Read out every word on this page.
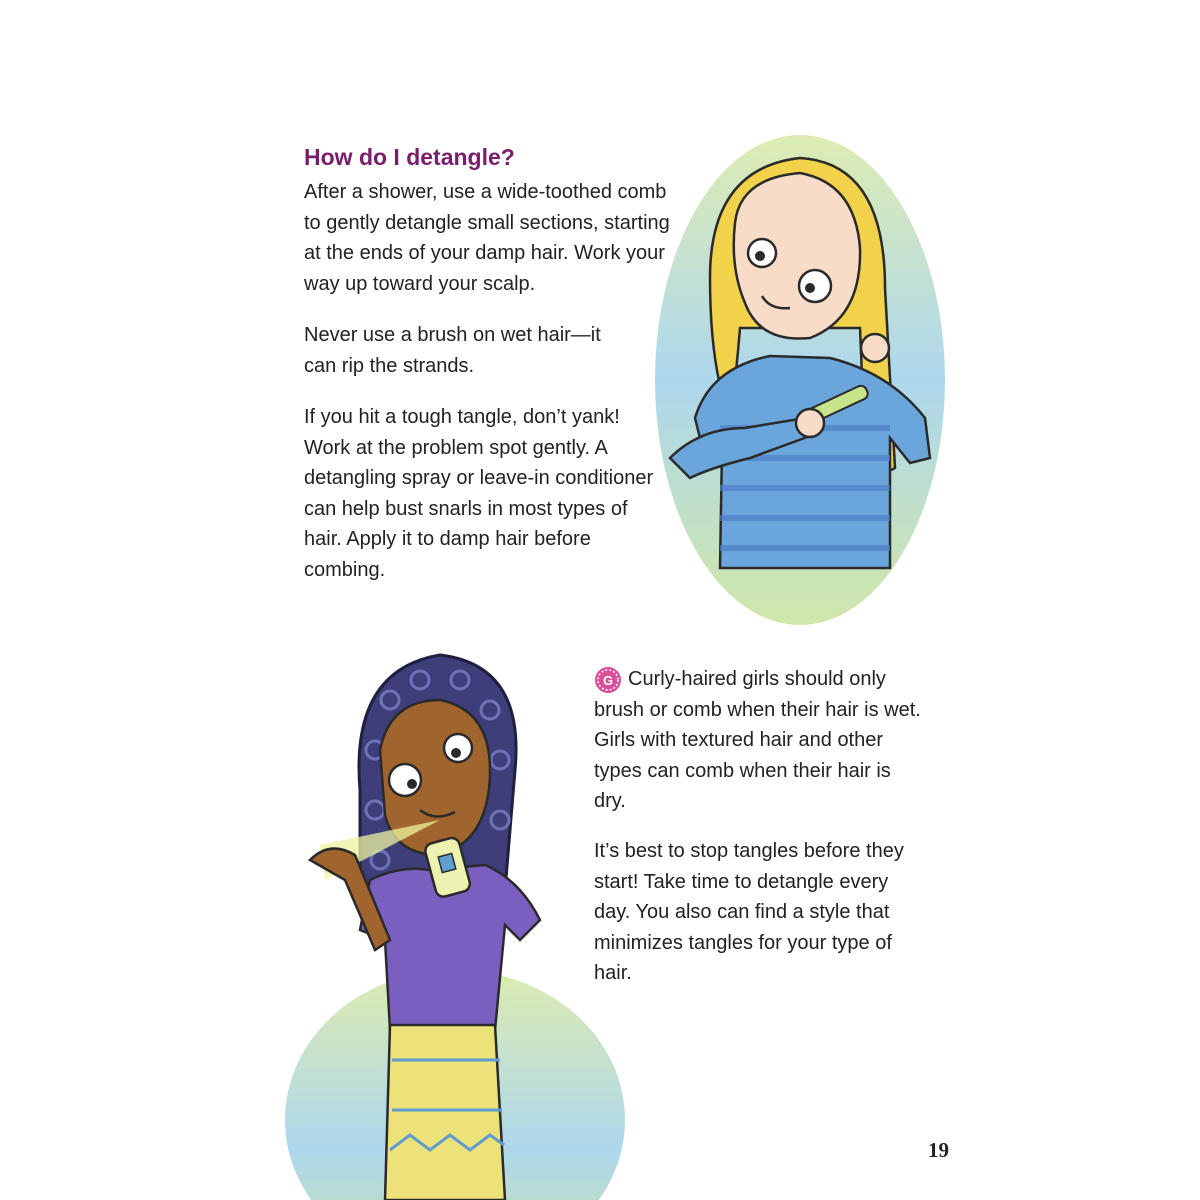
How do I detangle?

After a shower, use a wide-toothed comb to gently detangle small sections, starting at the ends of your damp hair. Work your way up toward your scalp.

Never use a brush on wet hair—it can rip the strands.

If you hit a tough tangle, don’t yank! Work at the problem spot gently. A detangling spray or leave-in conditioner can help bust snarls in most types of hair. Apply it to damp hair before combing.

G Curly-haired girls should only brush or comb when their hair is wet. Girls with textured hair and other types can comb when their hair is dry.

It’s best to stop tangles before they start! Take time to detangle every day. You also can find a style that minimizes tangles for your type of hair.

19
